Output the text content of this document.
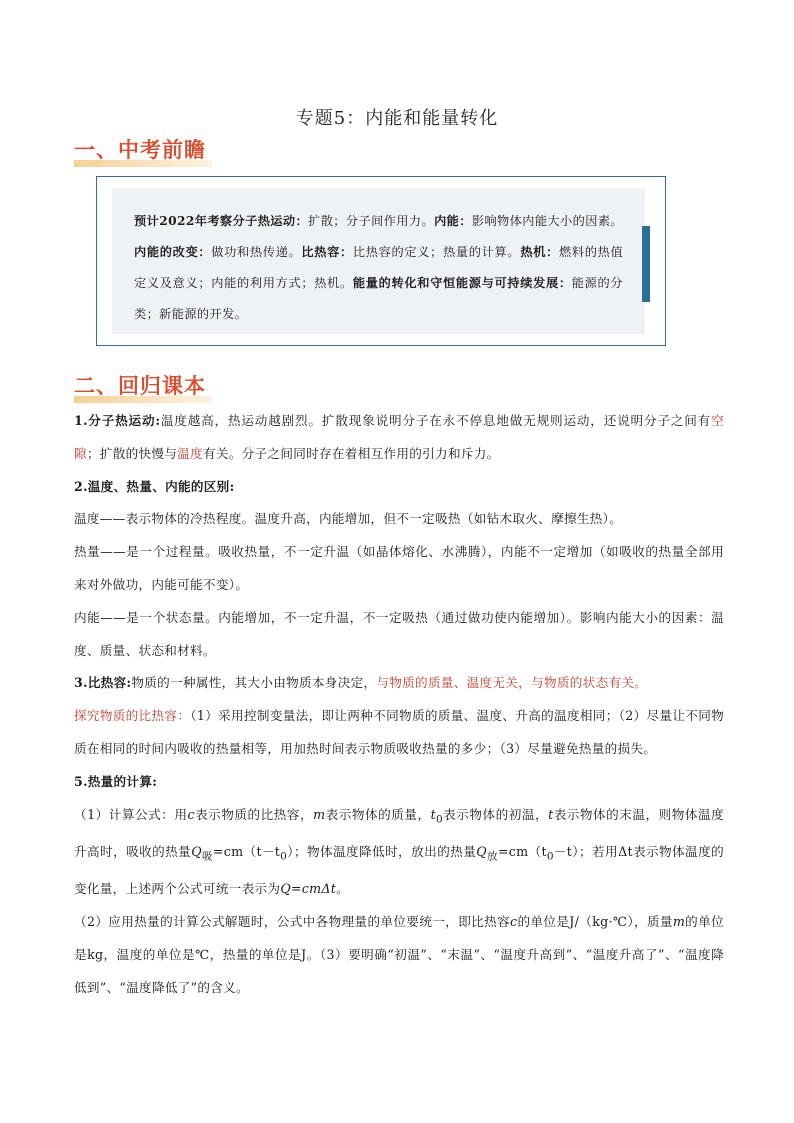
专题5：内能和能量转化
一、中考前瞻
预计2022年考察分子热运动：扩散；分子间作用力。内能：影响物体内能大小的因素。内能的改变：做功和热传递。比热容：比热容的定义；热量的计算。热机：燃料的热值定义及意义；内能的利用方式；热机。能量的转化和守恒能源与可持续发展：能源的分类；新能源的开发。
二、回归课本

1.分子热运动:温度越高，热运动越剧烈。扩散现象说明分子在永不停息地做无规则运动，还说明分子之间有空隙；扩散的快慢与温度有关。分子之间同时存在着相互作用的引力和斥力。

2.温度、热量、内能的区别:

温度——表示物体的冷热程度。温度升高，内能增加，但不一定吸热（如钻木取火、摩擦生热）。

热量——是一个过程量。吸收热量，不一定升温（如晶体熔化、水沸腾），内能不一定增加（如吸收的热量全部用来对外做功，内能可能不变）。

内能——是一个状态量。内能增加，不一定升温，不一定吸热（通过做功使内能增加）。影响内能大小的因素：温度、质量、状态和材料。

3.比热容:物质的一种属性，其大小由物质本身决定，与物质的质量、温度无关，与物质的状态有关。

探究物质的比热容：（1）采用控制变量法，即让两种不同物质的质量、温度、升高的温度相同；（2）尽量让不同物质在相同的时间内吸收的热量相等，用加热时间表示物质吸收热量的多少；（3）尽量避免热量的损失。

5.热量的计算:

（1）计算公式：用c表示物质的比热容，m表示物体的质量，$t_0$表示物体的初温，t表示物体的末温，则物体温度升高时，吸收的热量$Q_吸=cm(t-t_0)$；物体温度降低时，放出的热量$Q_放=cm(t_0-t)$；若用Δt表示物体温度的变化量，上述两个公式可统一表示为Q=cmΔt。

（2）应用热量的计算公式解题时，公式中各物理量的单位要统一，即比热容c的单位是J/（kg·℃），质量m的单位是kg，温度的单位是℃，热量的单位是J。（3）要明确“初温”、“末温”、“温度升高到”、“温度升高了”、“温度降低到”、“温度降低了”的含义。
